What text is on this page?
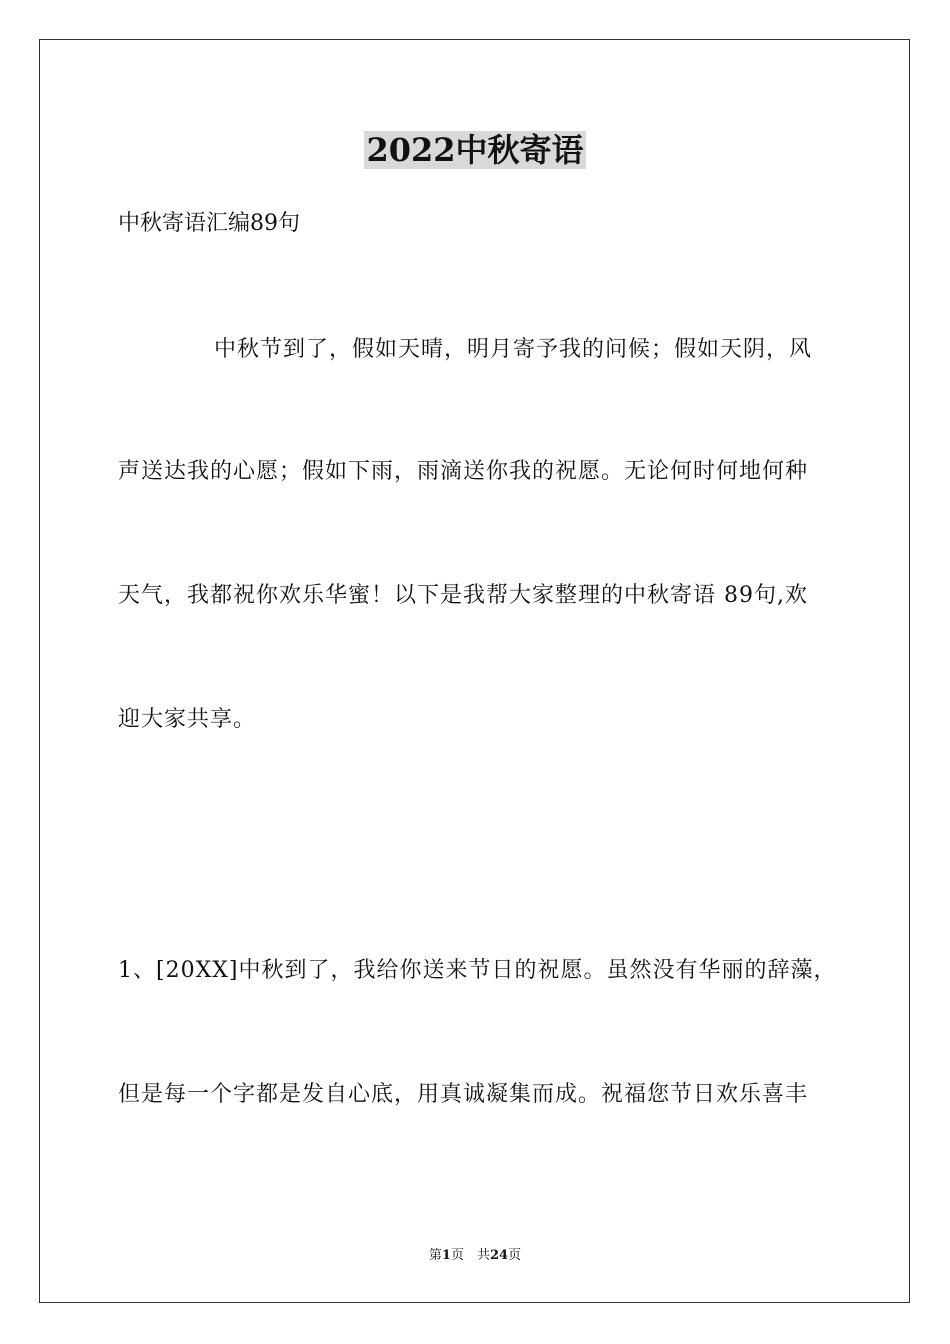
2022中秋寄语
中秋寄语汇编89句
中秋节到了，假如天晴，明月寄予我的问候；假如天阴，风
声送达我的心愿；假如下雨，雨滴送你我的祝愿。无论何时何地何种
天气，我都祝你欢乐华蜜！以下是我帮大家整理的中秋寄语 89句,欢
迎大家共享。
1、[20XX]中秋到了，我给你送来节日的祝愿。虽然没有华丽的辞藻，
但是每一个字都是发自心底，用真诚凝集而成。祝福您节日欢乐喜丰
第1页　共24页
